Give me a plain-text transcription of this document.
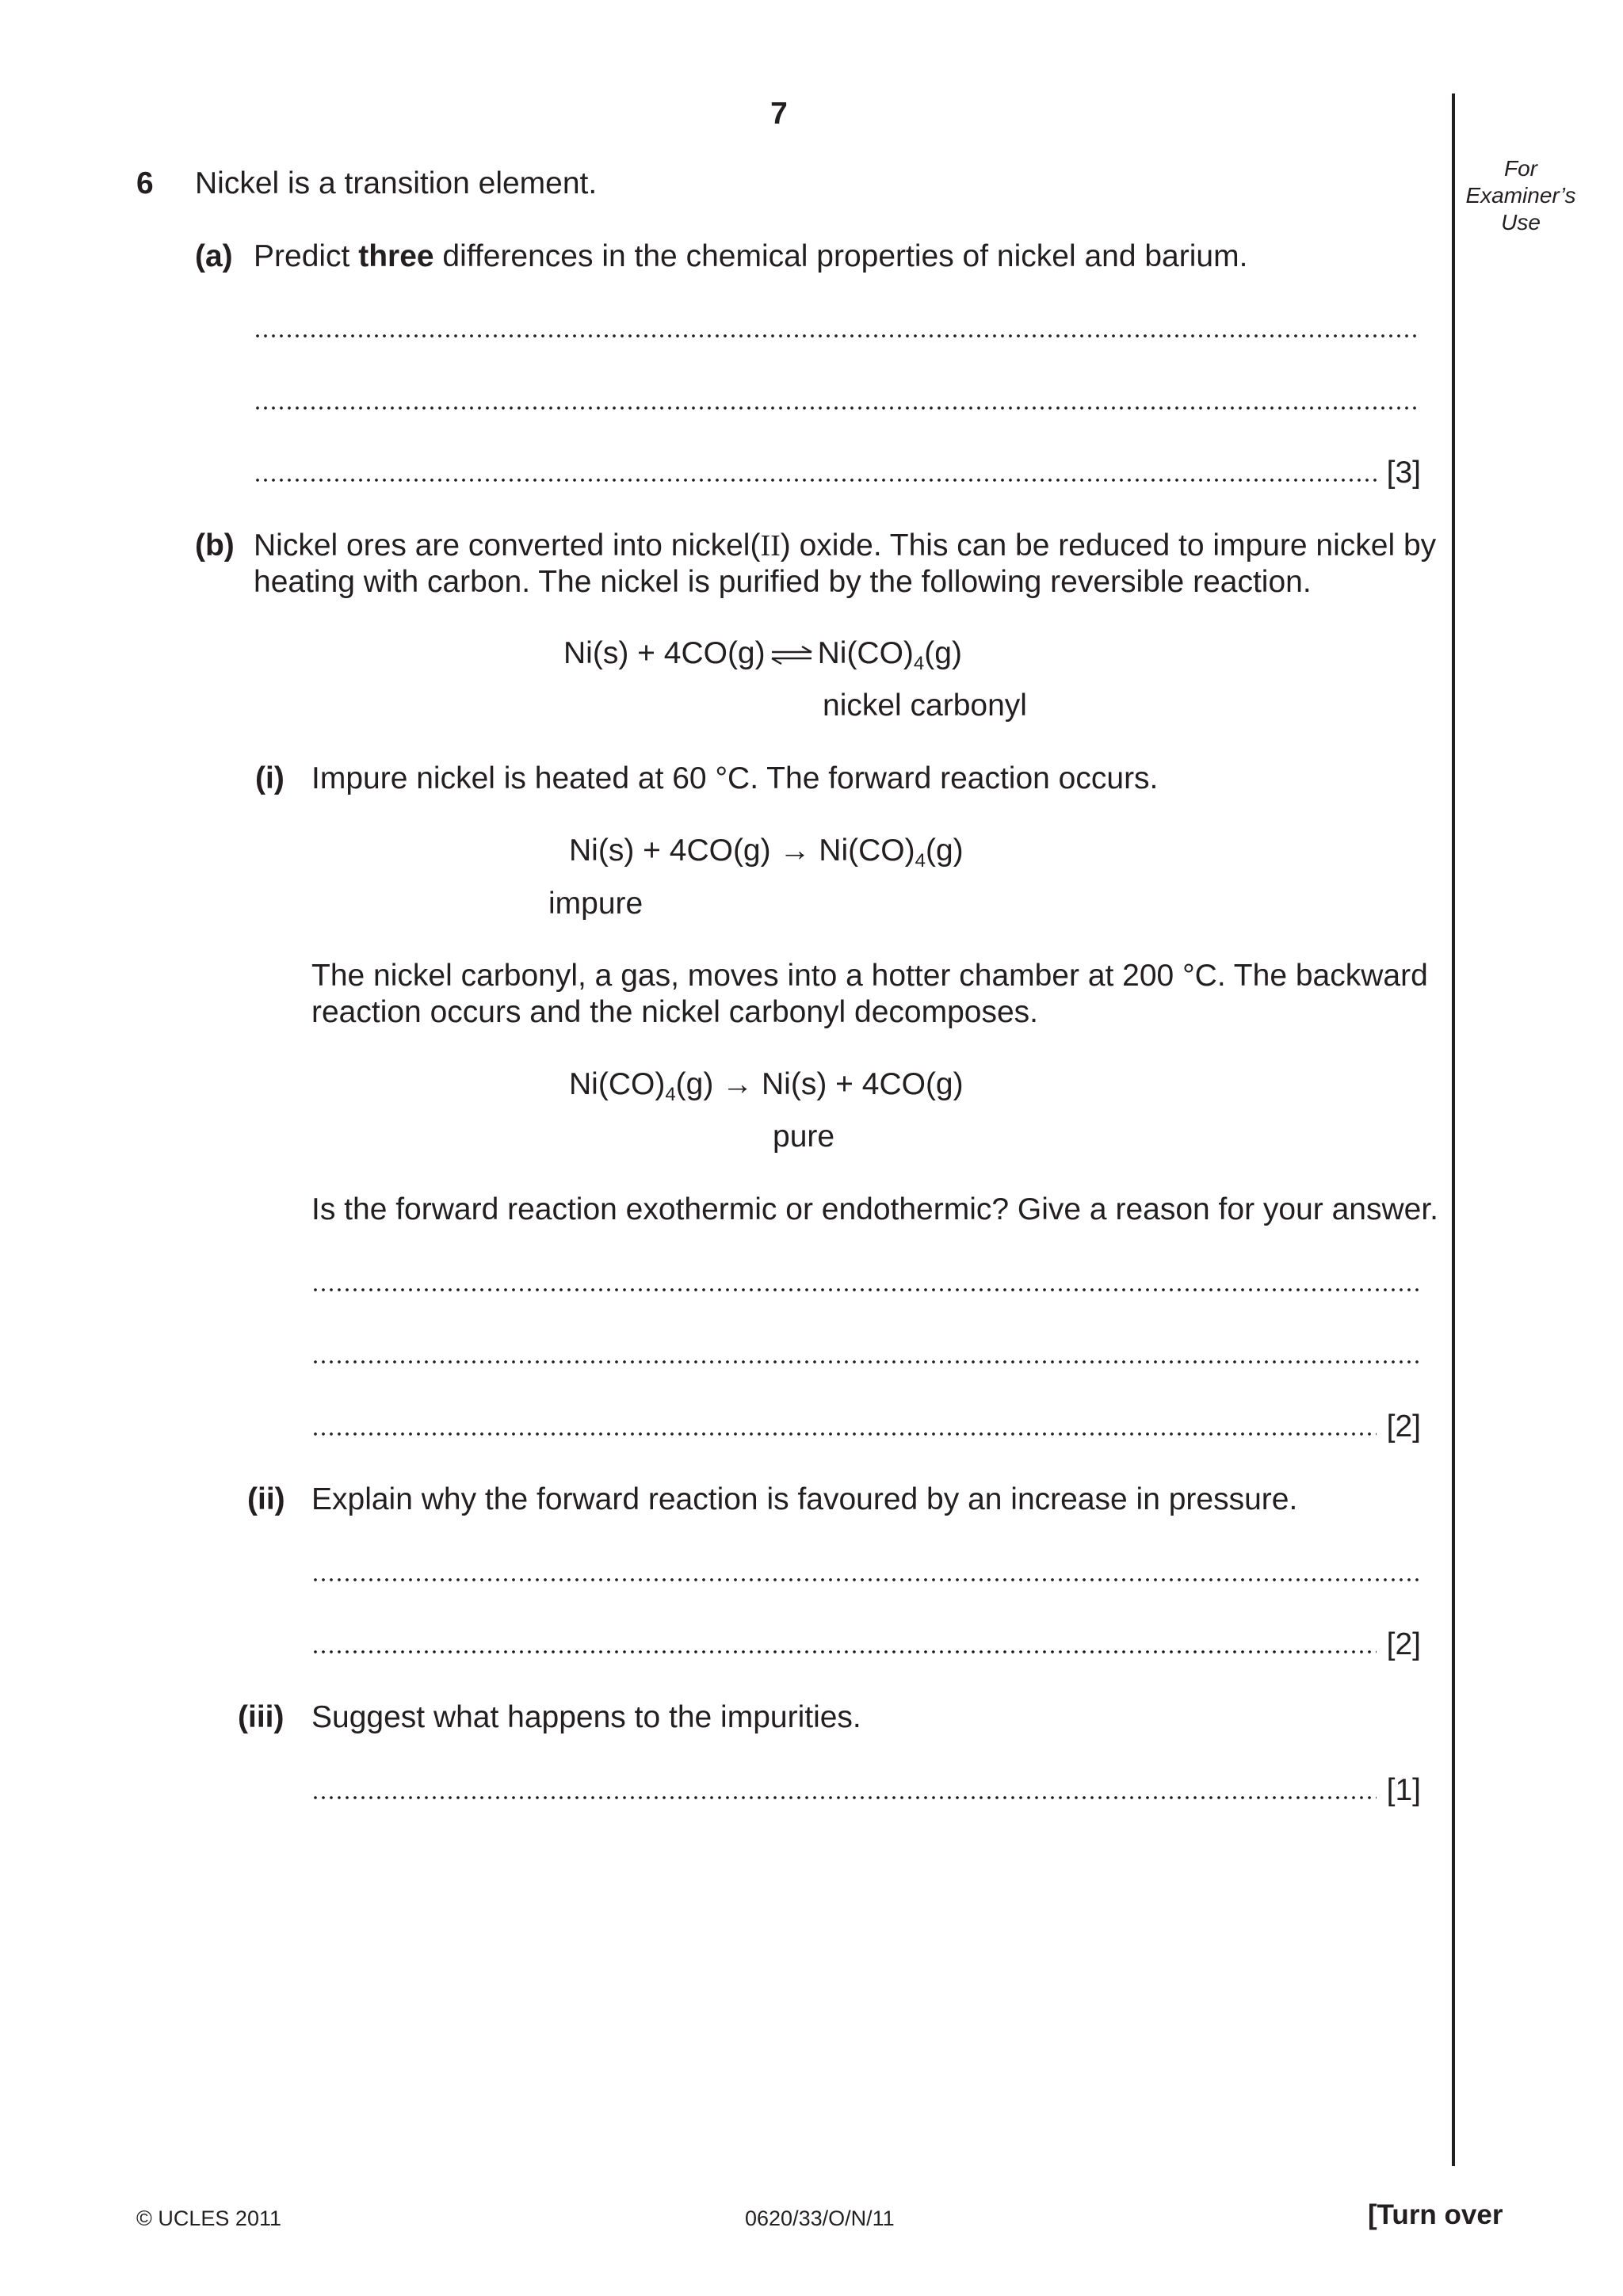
7
For
Examiner’s
Use
6 Nickel is a transition element.
(a) Predict three differences in the chemical properties of nickel and barium.
[3]
(b) Nickel ores are converted into nickel(II) oxide. This can be reduced to impure nickel by
heating with carbon. The nickel is purified by the following reversible reaction.
Ni(s) + 4CO(g) ⇌ $Ni(CO)_4(g)$
nickel carbonyl
(i) Impure nickel is heated at 60 °C. The forward reaction occurs.
$Ni(s) + 4CO(g) \to Ni(CO)_4(g)$
impure
The nickel carbonyl, a gas, moves into a hotter chamber at 200 °C. The backward
reaction occurs and the nickel carbonyl decomposes.
$Ni(CO)_4(g) \to Ni(s) + 4CO(g)$
pure
Is the forward reaction exothermic or endothermic? Give a reason for your answer.
[2]
(ii) Explain why the forward reaction is favoured by an increase in pressure.
[2]
(iii) Suggest what happens to the impurities.
[1]
© UCLES 2011	0620/33/O/N/11	[Turn over
